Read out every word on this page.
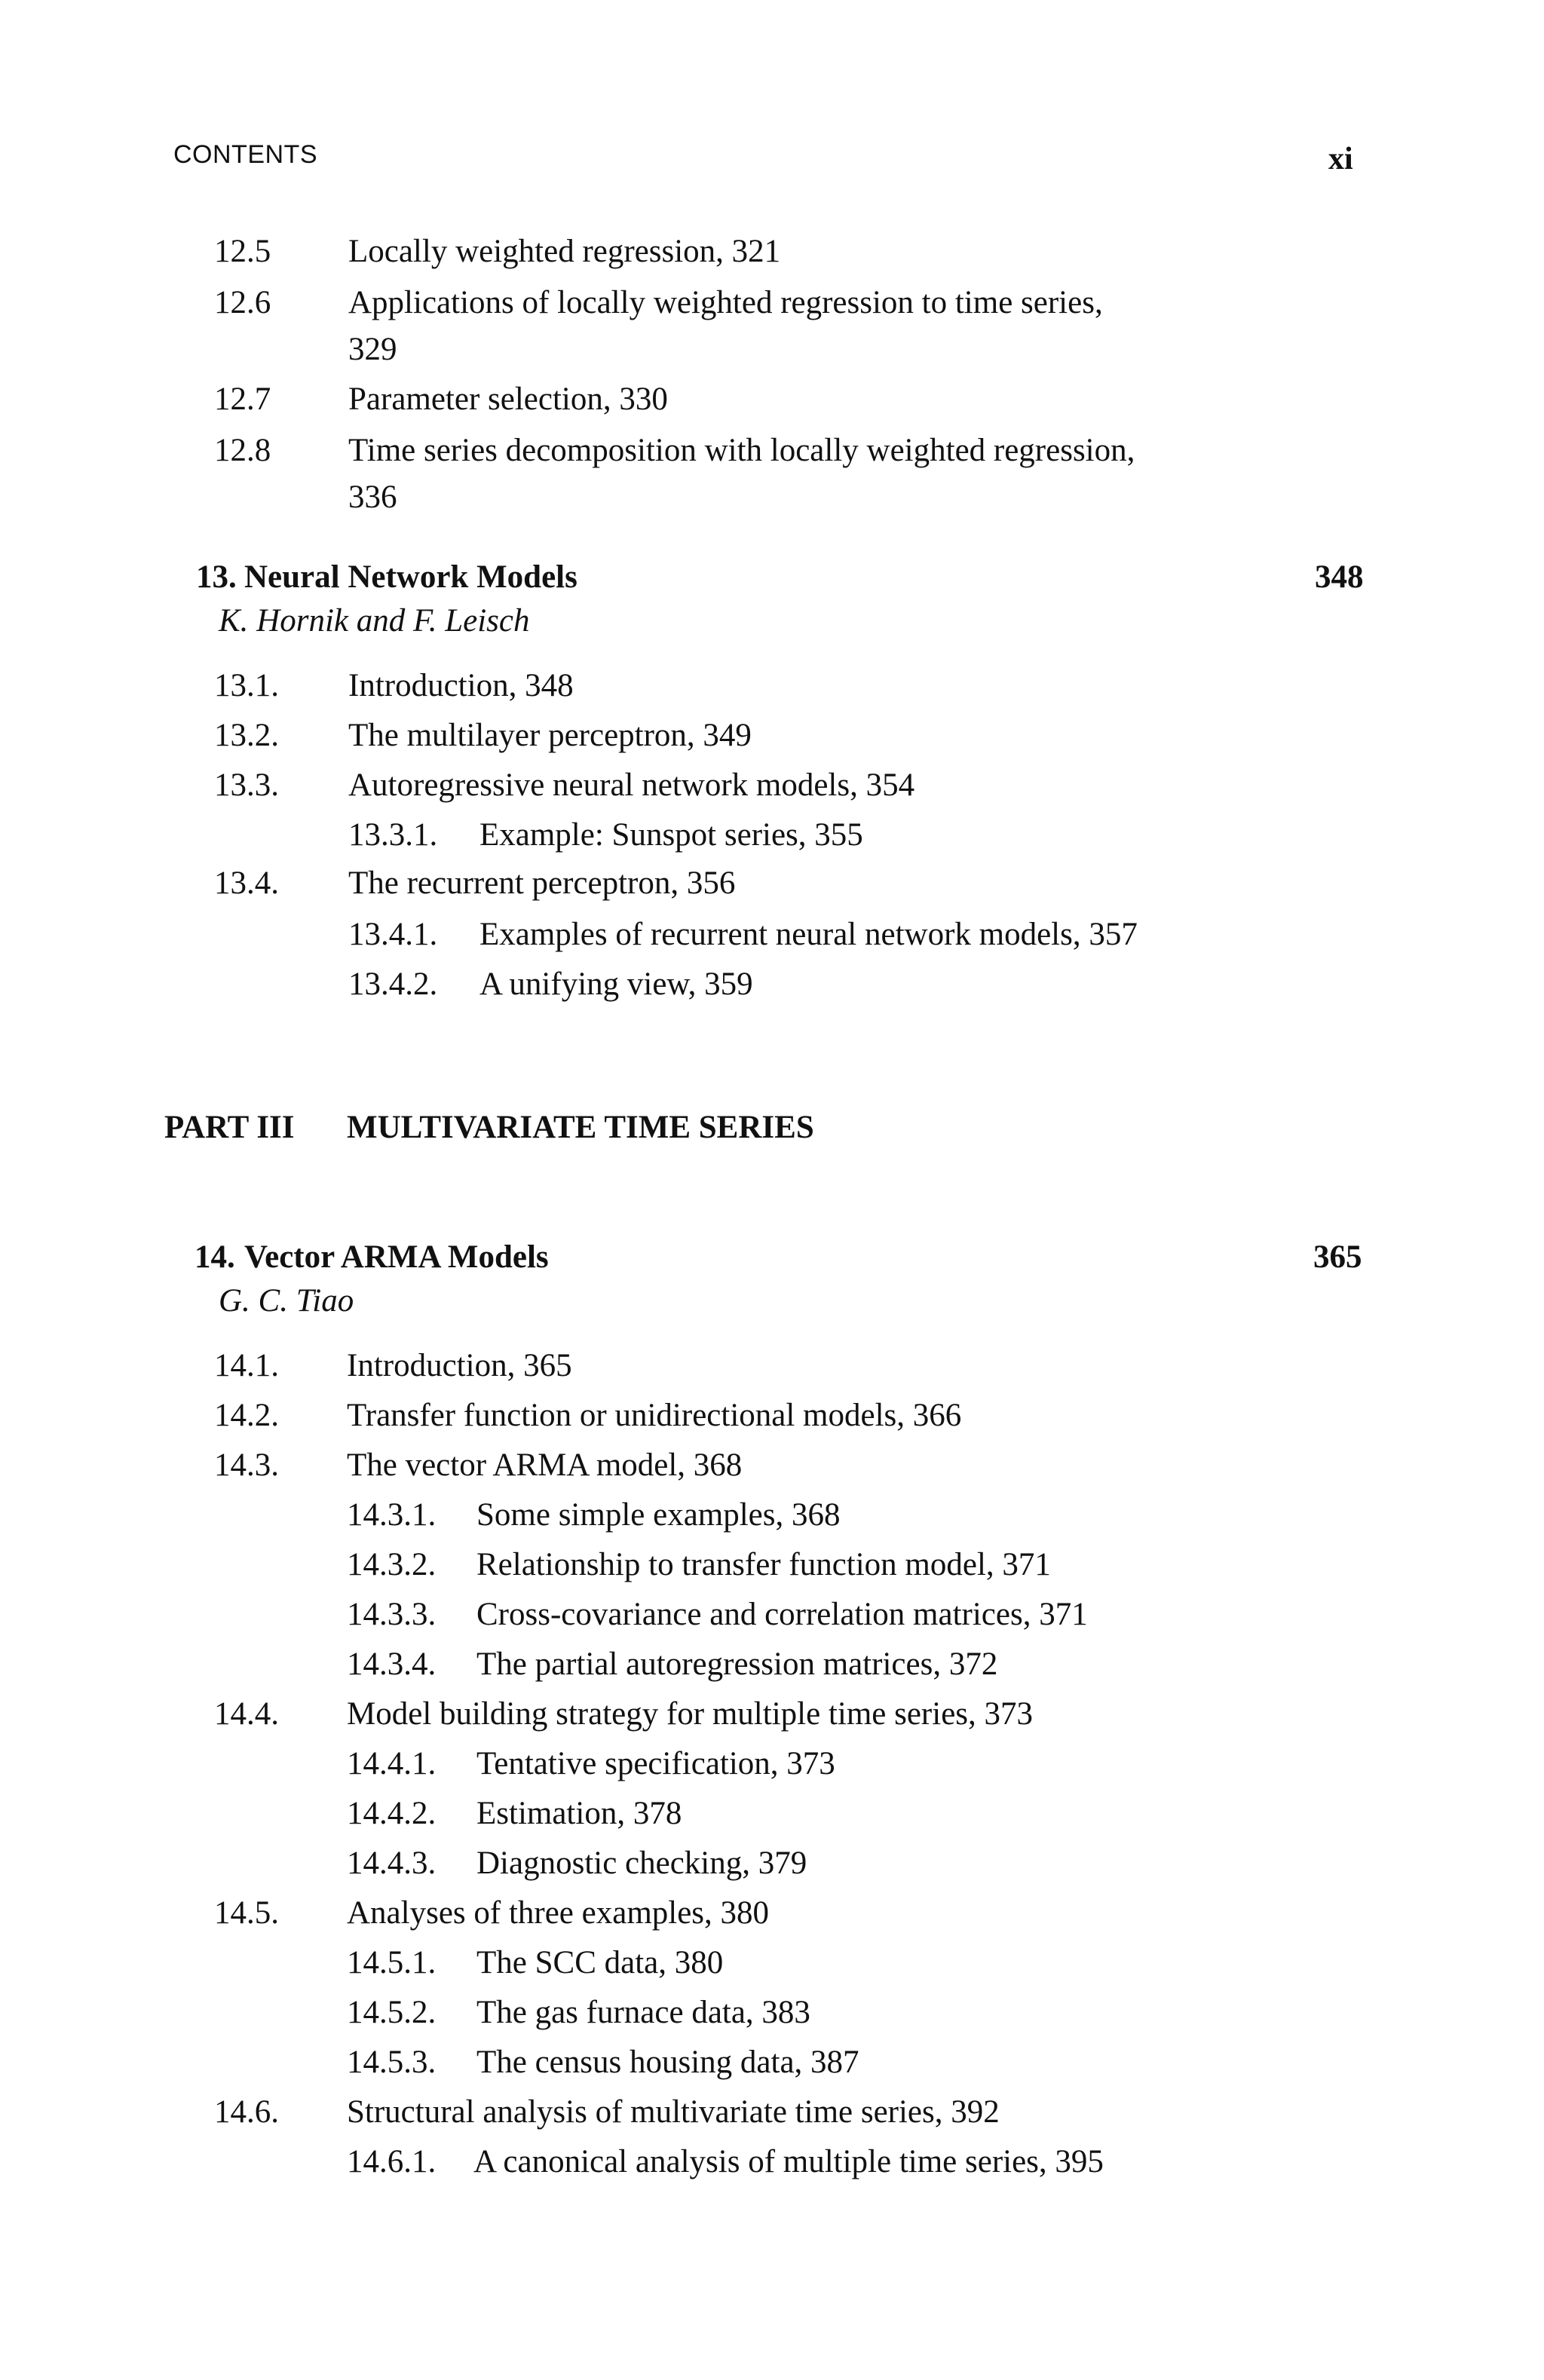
CONTENTS	xi
12.5 Locally weighted regression, 321
12.6 Applications of locally weighted regression to time series,
329
12.7 Parameter selection, 330
12.8 Time series decomposition with locally weighted regression,
336
13. Neural Network Models	348
K. Hornik and F. Leisch
13.1. Introduction, 348
13.2. The multilayer perceptron, 349
13.3. Autoregressive neural network models, 354
13.3.1. Example: Sunspot series, 355
13.4. The recurrent perceptron, 356
13.4.1. Examples of recurrent neural network models, 357
13.4.2. A unifying view, 359
PART III MULTIVARIATE TIME SERIES
14. Vector ARMA Models	365
G. C. Tiao
14.1. Introduction, 365
14.2. Transfer function or unidirectional models, 366
14.3. The vector ARMA model, 368
14.3.1. Some simple examples, 368
14.3.2. Relationship to transfer function model, 371
14.3.3. Cross-covariance and correlation matrices, 371
14.3.4. The partial autoregression matrices, 372
14.4. Model building strategy for multiple time series, 373
14.4.1. Tentative specification, 373
14.4.2. Estimation, 378
14.4.3. Diagnostic checking, 379
14.5. Analyses of three examples, 380
14.5.1. The SCC data, 380
14.5.2. The gas furnace data, 383
14.5.3. The census housing data, 387
14.6. Structural analysis of multivariate time series, 392
14.6.1. A canonical analysis of multiple time series, 395
